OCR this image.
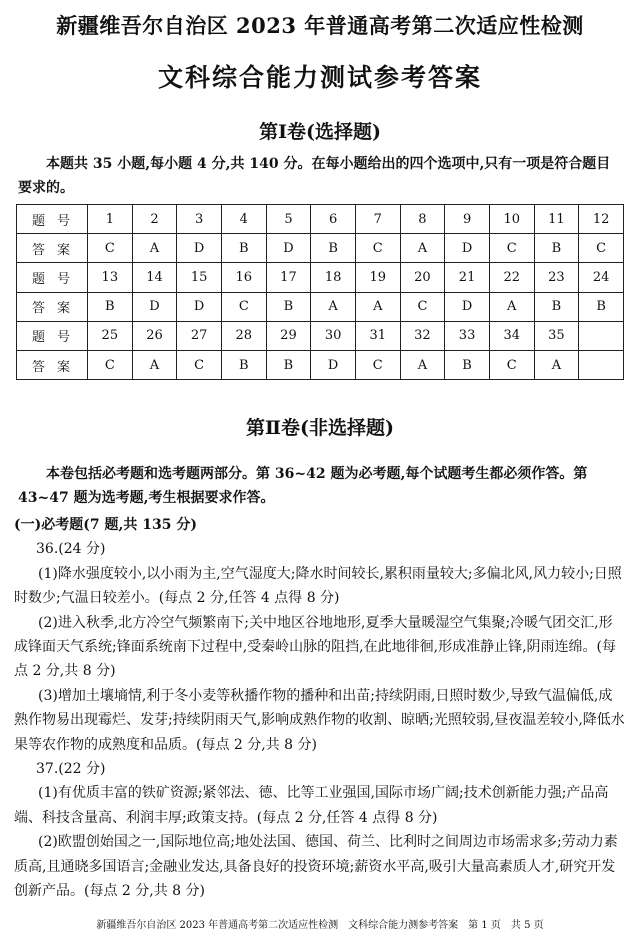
新疆维吾尔自治区 2023 年普通高考第二次适应性检测
文科综合能力测试参考答案
第Ⅰ卷(选择题)

本题共 35 小题,每小题 4 分,共 140 分。在每小题给出的四个选项中,只有一项是符合题目要求的。

题号	1	2	3	4	5	6	7	8	9	10	11	12
答案	C	A	D	B	D	B	C	A	D	C	B	C
题号	13	14	15	16	17	18	19	20	21	22	23	24
答案	B	D	D	C	B	A	A	C	D	A	B	B
题号	25	26	27	28	29	30	31	32	33	34	35	
答案	C	A	C	B	B	D	C	A	B	C	A	
第Ⅱ卷(非选择题)

本卷包括必考题和选考题两部分。第 36~42 题为必考题,每个试题考生都必须作答。第 43~47 题为选考题,考生根据要求作答。

(一)必考题(7 题,共 135 分)

36.(24 分)

(1)降水强度较小,以小雨为主,空气湿度大;降水时间较长,累积雨量较大;多偏北风,风力较小;日照时数少;气温日较差小。(每点 2 分,任答 4 点得 8 分)

(2)进入秋季,北方冷空气频繁南下;关中地区谷地地形,夏季大量暖湿空气集聚;冷暖气团交汇,形成锋面天气系统;锋面系统南下过程中,受秦岭山脉的阻挡,在此地徘徊,形成准静止锋,阴雨连绵。(每点 2 分,共 8 分)

(3)增加土壤墒情,利于冬小麦等秋播作物的播种和出苗;持续阴雨,日照时数少,导致气温偏低,成熟作物易出现霉烂、发芽;持续阴雨天气,影响成熟作物的收割、晾晒;光照较弱,昼夜温差较小,降低水果等农作物的成熟度和品质。(每点 2 分,共 8 分)

37.(22 分)

(1)有优质丰富的铁矿资源;紧邻法、德、比等工业强国,国际市场广阔;技术创新能力强;产品高端、科技含量高、利润丰厚;政策支持。(每点 2 分,任答 4 点得 8 分)

(2)欧盟创始国之一,国际地位高;地处法国、德国、荷兰、比利时之间周边市场需求多;劳动力素质高,且通晓多国语言;金融业发达,具备良好的投资环境;薪资水平高,吸引大量高素质人才,研究开发创新产品。(每点 2 分,共 8 分)

新疆维吾尔自治区 2023 年普通高考第二次适应性检测　文科综合能力测参考答案　第 1 页　共 5 页
